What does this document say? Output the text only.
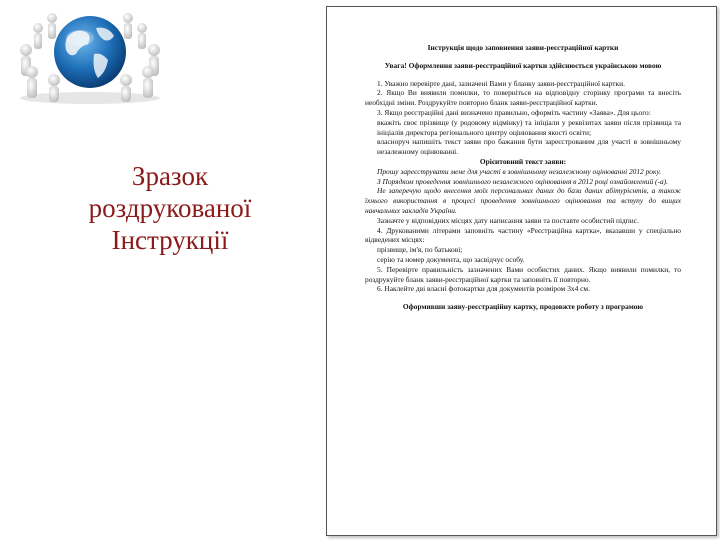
Зразок
роздрукованої
Інструкції

Інструкція щодо заповнення заяви-реєстраційної картки

Увага! Оформлення заяви-реєстраційної картки здійснюється українською мовою

1. Уважно перевірте дані, зазначені Вами у бланку заяви-реєстраційної картки.

2. Якщо Ви виявили помилки, то поверніться на відповідну сторінку програми та внесіть необхідні зміни. Роздрукуйте повторно бланк заяви-реєстраційної картки.

3. Якщо реєстраційні дані визначено правильно, оформіть частину «Заява». Для цього:

вкажіть своє прізвище (у родовому відмінку) та ініціали у реквізитах заяви після прізвища та ініціалів директора регіонального центру оцінювання якості освіти;

власноруч напишіть текст заяви про бажання бути зареєстрованим для участі в зовнішньому незалежному оцінюванні.

Орієнтовний текст заяви:

Прошу зареєструвати мене для участі в зовнішньому незалежному оцінюванні 2012 року.

З Порядком проведення зовнішнього незалежного оцінювання в 2012 році ознайомлений (-а).

Не заперечую щодо внесення моїх персональних даних до бази даних абітурієнтів, а також їхнього використання в процесі проведення зовнішнього оцінювання та вступу до вищих навчальних закладів України.

Зазначте у відповідних місцях дату написання заяви та поставте особистий підпис.

4. Друкованими літерами заповніть частину «Реєстраційна картка», вказавши у спеціально відведених місцях:

прізвище, ім'я, по батькові;

серію та номер документа, що засвідчує особу.

5. Перевірте правильність зазначених Вами особистих даних. Якщо виявили помилки, то роздрукуйте бланк заяви-реєстраційної картки та заповніть її повторно.

6. Наклейте дві власні фотокартки для документів розміром 3х4 см.

Оформивши заяву-реєстраційну картку, продовжте роботу з програмою
